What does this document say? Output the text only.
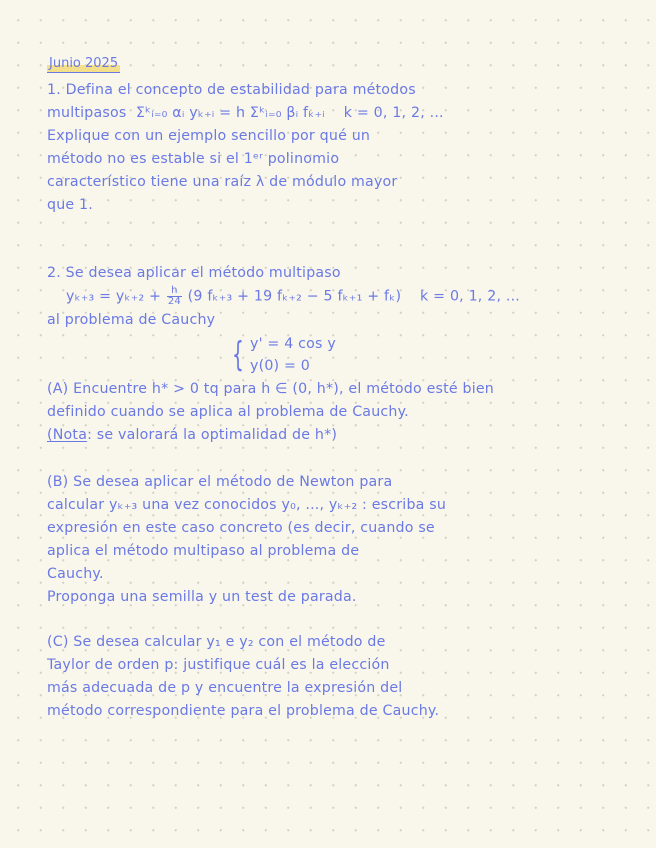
Junio 2025
1. Defina el concepto de estabilidad para métodos
multipasos  Σᵏᵢ₌₀ αᵢ yₖ₊ᵢ = h Σᵏᵢ₌₀ βᵢ fₖ₊ᵢ    k = 0, 1, 2, ...
Explique con un ejemplo sencillo por qué un
método no es estable si el 1ᵉʳ polinomio
característico tiene una raíz λ de módulo mayor
que 1.
2. Se desea aplicar el método multipaso
$y_{k+3} = y_{k+2} + \frac{h}{24} (9$ fₖ₊₃ + 19 fₖ₊₂ − 5 fₖ₊₁ + fₖ)    k = 0, 1, 2, ...
al problema de Cauchy
{ y' = 4 cos y
y(0) = 0
(A) Encuentre h* > 0 tq para h ∈ (0, h*), el método esté bien
definido cuando se aplica al problema de Cauchy.
(Nota: se valorará la optimalidad de h*)
(B) Se desea aplicar el método de Newton para
calcular yₖ₊₃ una vez conocidos y₀, ..., yₖ₊₂ : escriba su
expresión en este caso concreto (es decir, cuando se
aplica el método multipaso al problema de
Cauchy.
Proponga una semilla y un test de parada.
(C) Se desea calcular y₁ e y₂ con el método de
Taylor de orden p: justifique cuál es la elección
más adecuada de p y encuentre la expresión del
método correspondiente para el problema de Cauchy.
